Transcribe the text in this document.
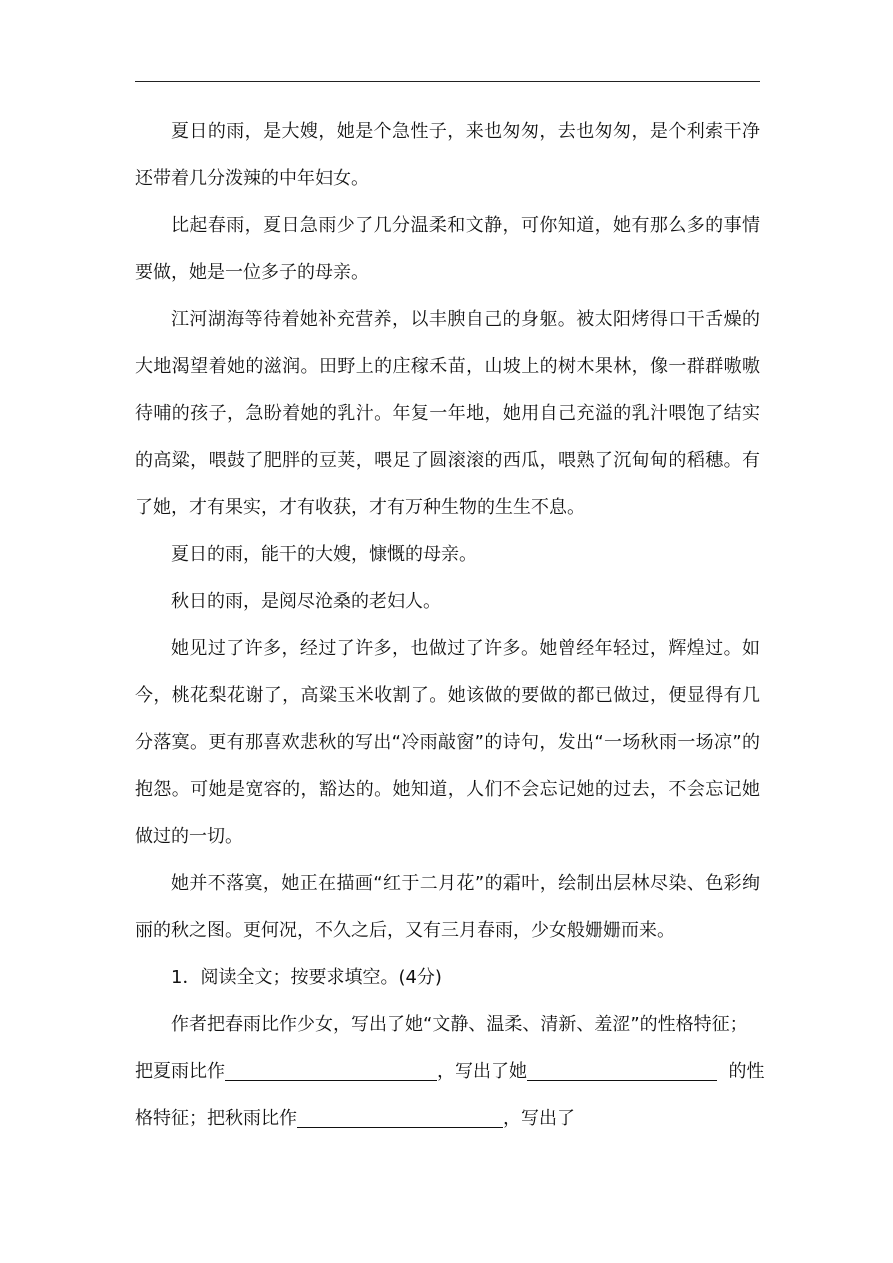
夏日的雨，是大嫂，她是个急性子，来也匆匆，去也匆匆，是个利索干净还带着几分泼辣的中年妇女。

比起春雨，夏日急雨少了几分温柔和文静，可你知道，她有那么多的事情要做，她是一位多子的母亲。

江河湖海等待着她补充营养，以丰腴自己的身躯。被太阳烤得口干舌燥的大地渴望着她的滋润。田野上的庄稼禾苗，山坡上的树木果林，像一群群嗷嗷待哺的孩子，急盼着她的乳汁。年复一年地，她用自己充溢的乳汁喂饱了结实的高粱，喂鼓了肥胖的豆荚，喂足了圆滚滚的西瓜，喂熟了沉甸甸的稻穗。有了她，才有果实，才有收获，才有万种生物的生生不息。

夏日的雨，能干的大嫂，慷慨的母亲。

秋日的雨，是阅尽沧桑的老妇人。

她见过了许多，经过了许多，也做过了许多。她曾经年轻过，辉煌过。如今，桃花梨花谢了，高粱玉米收割了。她该做的要做的都已做过，便显得有几分落寞。更有那喜欢悲秋的写出“冷雨敲窗”的诗句，发出“一场秋雨一场凉”的抱怨。可她是宽容的，豁达的。她知道，人们不会忘记她的过去，不会忘记她做过的一切。

她并不落寞，她正在描画“红于二月花”的霜叶，绘制出层林尽染、色彩绚丽的秋之图。更何况，不久之后，又有三月春雨，少女般姗姗而来。

1．阅读全文；按要求填空。(4分)
作者把春雨比作少女，写出了她“文静、温柔、清新、羞涩”的性格特征；
把夏雨比作	，写出了她	的性
格特征；把秋雨比作	，写出了
